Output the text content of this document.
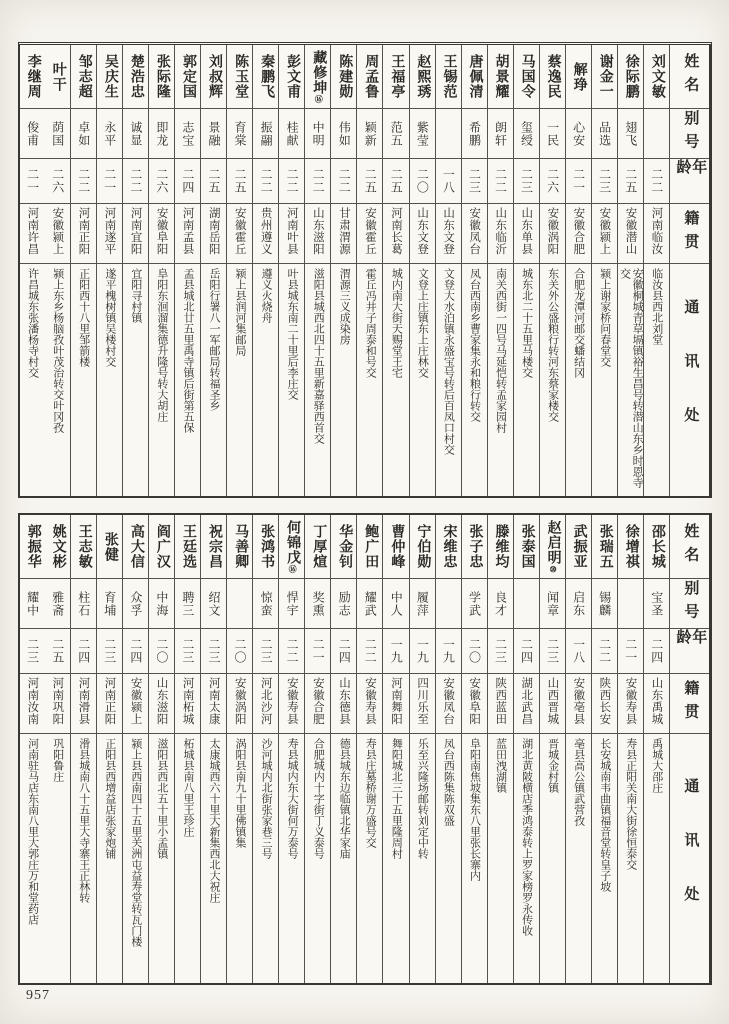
姓名
别号
年龄
籍贯
通讯处
刘文敏
二二
河南临汝
临汝县西北刘堂
徐际鹏
翅飞
二五
安徽潜山
安徽桐城青草塥镇裕生昌号转潜山东乡时恩寺交
谢金一
品选
二三
安徽颍上
颍上谢家桥问春堂交
解琤
心安
二一
安徽合肥
合肥龙潭河邮交蟠结冈
蔡逸民
一民
二六
安徽涡阳
东关外公盛粮行转河东蔡家楼交
马国令
玺绶
二三
山东单县
城东北二十五里马楼交
胡景耀
朗轩
二二
山东临沂
南关西街一四号马延恺转孟家园村
唐佩清
希鹏
二三
安徽凤台
凤台西南乡曹家集永和粮行转交
王锡范
一八
山东文登
文登大水泊镇永盛宝号转后百凤口村交
赵熙琇
紫莹
二〇
山东文登
文登上庄镇东上庄林交
王福亭
范五
二五
河南长葛
城内南大街天赐堂王宅
周孟鲁
颖新
二五
安徽霍丘
霍丘冯井子周泰和号交
陈建勋
伟如
二二
甘肃渭源
渭源三义成染房
藏修坤⑯
中明
二二
山东滋阳
滋阳县城西北四十五里新嘉驿西首交
彭文甫
桂献
二二
河南叶县
叶县城东南二十里后李庄交
秦鹏飞
振翮
二二
贵州遵义
遵义火烧舟
陈玉堂
育棠
二五
安徽霍丘
颍上县润河集邮局
刘叔辉
景融
二五
湖南岳阳
岳阳行署八一军邮局转福圣乡
郭定国
志宝
二四
河南孟县
孟县城北廿五里禹寺镇后街第五保
张际隆
即龙
二六
安徽阜阳
阜阳东洄溜集德升隆号转大胡庄
楚浩忠
诚显
二二
河南宜阳
宜阳寻村镇
吴庆生
永平
二一
河南遂平
遂平槐树镇吴楼村交
邹志超
卓如
二二
河南正阳
正阳西十八里邹箭楼
叶干
荫国
二六
安徽颍上
颍上东乡杨脑孜叶茂治转交叶冈孜
李继周
俊甫
二一
河南许昌
许昌城东张潘杨寺村交
姓名
别号
年龄
籍贯
通讯处
邵长城
宝圣
二四
山东禹城
禹城大邵庄
徐增祺
二一
安徽寿县
寿县正阳关南大街徐恒泰交
张瑞五
锡麟
二二
陕西长安
长安城南韦曲镇福音堂转皇子坡
武振亚
启东
一八
安徽亳县
亳县高公镇武营孜
赵启明⑩
闻章
二三
山西晋城
晋城金村镇
张泰国
二四
湖北武昌
湖北黄陂横店季鸿泰转上罗家榜罗永传收
滕维均
良才
二三
陕西蓝田
蓝田洩湖镇
张子忠
学武
二〇
安徽阜阳
阜阳南焦坡集东八里张长寨内
宋维忠
一九
安徽凤台
凤台西陈集陈双盛
宁伯勋
履萍
一九
四川乐至
乐至兴隆场邮转刘定中转
曹仲峰
中人
一九
河南舞阳
舞阳城北三十五里隆周村
鲍广田
耀武
二二
安徽寿县
寿县庄墓桥谢万盛号交
华金钊
励志
二四
山东德县
德县城东边临镇北华家庙
丁厚煊
奖熏
二一
安徽合肥
合肥城内十字街丁义泰号
何锦戊⑯
悍宇
二二
安徽寿县
寿县城内东大街何万泰号
张鸿书
惊蛮
二三
河北沙河
沙河城内北街张家巷三号
马善卿
二〇
安徽涡阳
涡阳县南九十里佛镇集
祝宗昌
绍文
二三
河南太康
太康城西六十里大新集西北大祝庄
王廷选
聘三
二三
河南柘城
柘城县南八里王珍庄
阎广汉
中海
二〇
山东滋阳
滋阳县西北五十里小孟镇
高大信
众孚
二四
安徽颍上
颍上县西南四十五里关洲屯益寿堂转瓦门楼
张健
育埔
二三
河南正阳
正阳县西增益店张家炮铺
王志敏
柱石
二四
河南滑县
滑县城南八十五里大寺寨王正林转
姚文彬
雅斋
二五
河南巩阳
巩阳鲁庄
郭振华
耀中
二三
河南汝南
河南驻马店东南八里大郭庄万和堂药店
957
